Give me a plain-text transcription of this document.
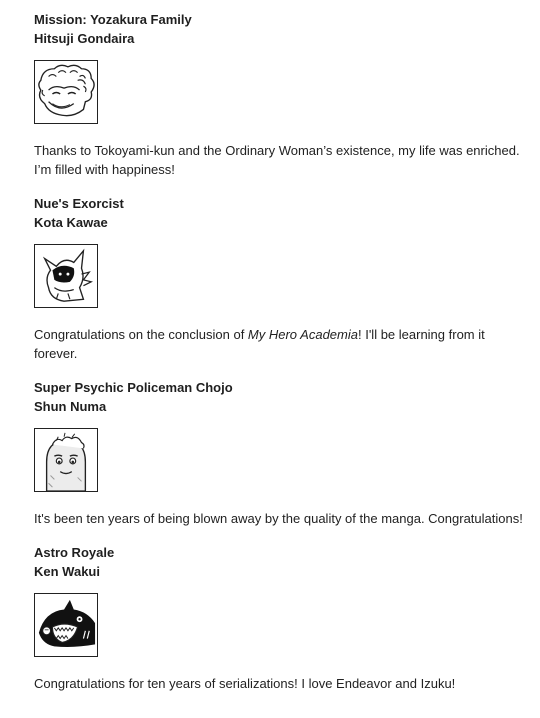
Mission: Yozakura Family

Hitsuji Gondaira

Thanks to Tokoyami-kun and the Ordinary Woman’s existence, my life was enriched. I’m filled with happiness!

Nue's Exorcist

Kota Kawae

Congratulations on the conclusion of My Hero Academia! I'll be learning from it forever.

Super Psychic Policeman Chojo

Shun Numa

It's been ten years of being blown away by the quality of the manga. Congratulations!

Astro Royale

Ken Wakui

Congratulations for ten years of serializations! I love Endeavor and Izuku!
